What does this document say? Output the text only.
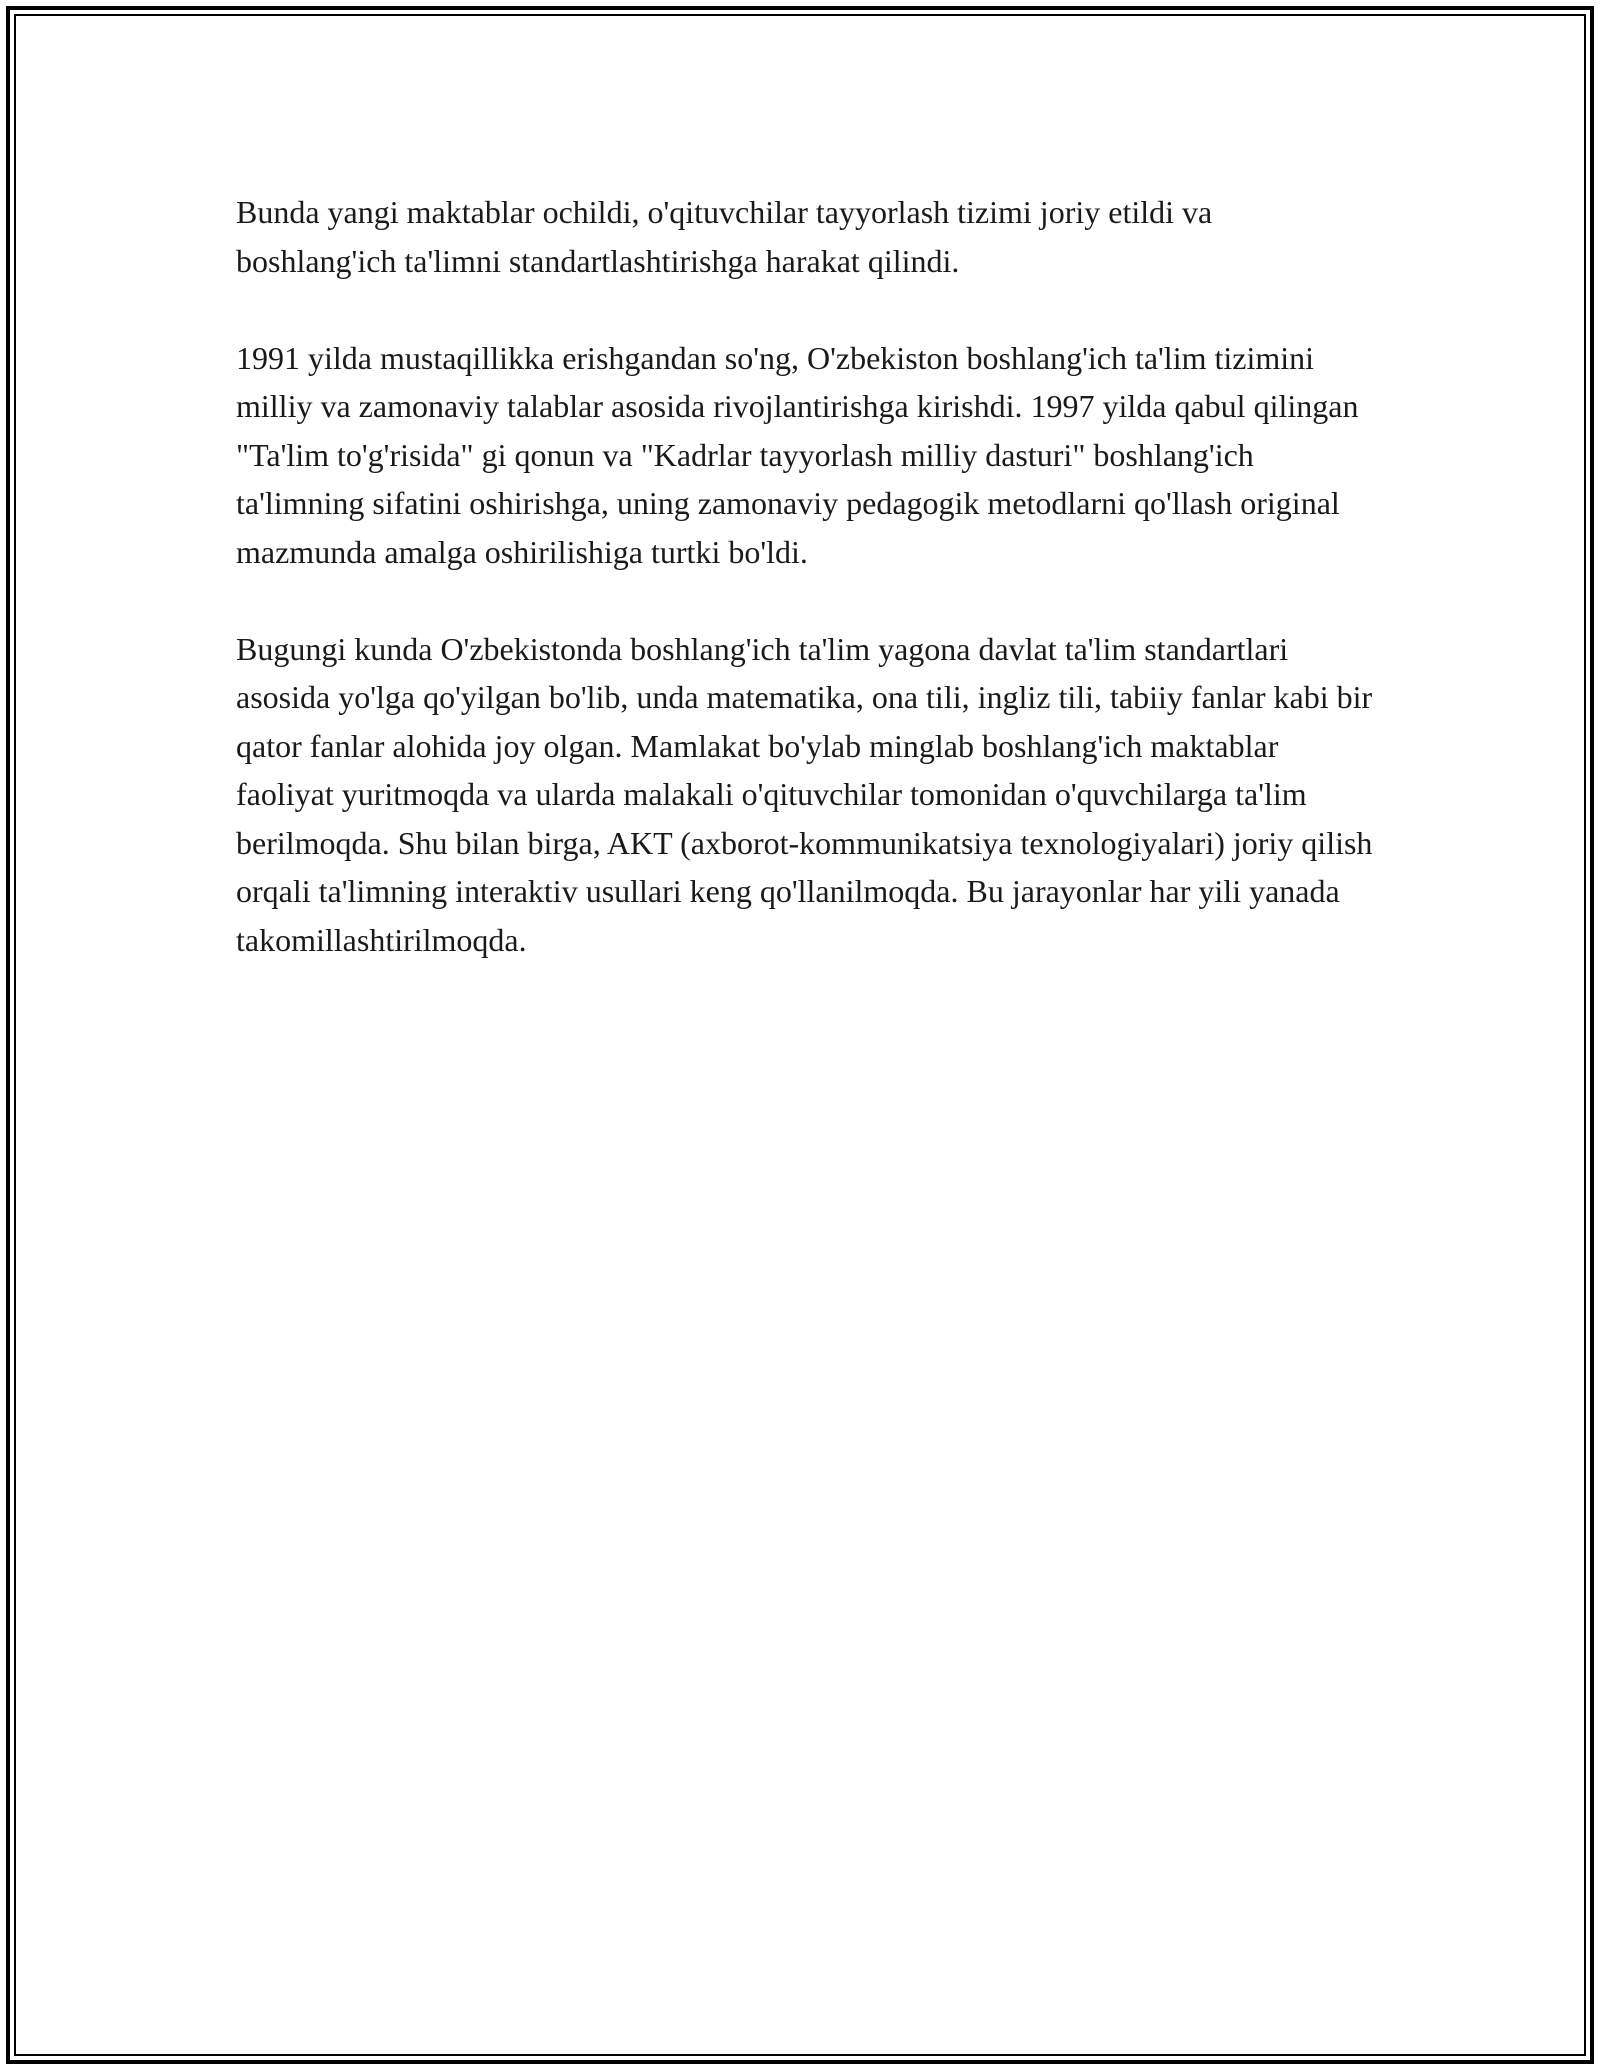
Bunda yangi maktablar ochildi, o'qituvchilar tayyorlash tizimi joriy etildi va boshlang'ich ta'limni standartlashtirishga harakat qilindi.

1991 yilda mustaqillikka erishgandan so'ng, O'zbekiston boshlang'ich ta'lim tizimini milliy va zamonaviy talablar asosida rivojlantirishga kirishdi. 1997 yilda qabul qilingan "Ta'lim to'g'risida" gi qonun va "Kadrlar tayyorlash milliy dasturi" boshlang'ich ta'limning sifatini oshirishga, uning zamonaviy pedagogik metodlarni qo'llash original mazmunda amalga oshirilishiga turtki bo'ldi.

Bugungi kunda O'zbekistonda boshlang'ich ta'lim yagona davlat ta'lim standartlari asosida yo'lga qo'yilgan bo'lib, unda matematika, ona tili, ingliz tili, tabiiy fanlar kabi bir qator fanlar alohida joy olgan. Mamlakat bo'ylab minglab boshlang'ich maktablar faoliyat yuritmoqda va ularda malakali o'qituvchilar tomonidan o'quvchilarga ta'lim berilmoqda. Shu bilan birga, AKT (axborot-kommunikatsiya texnologiyalari) joriy qilish orqali ta'limning interaktiv usullari keng qo'llanilmoqda. Bu jarayonlar har yili yanada takomillashtirilmoqda.
